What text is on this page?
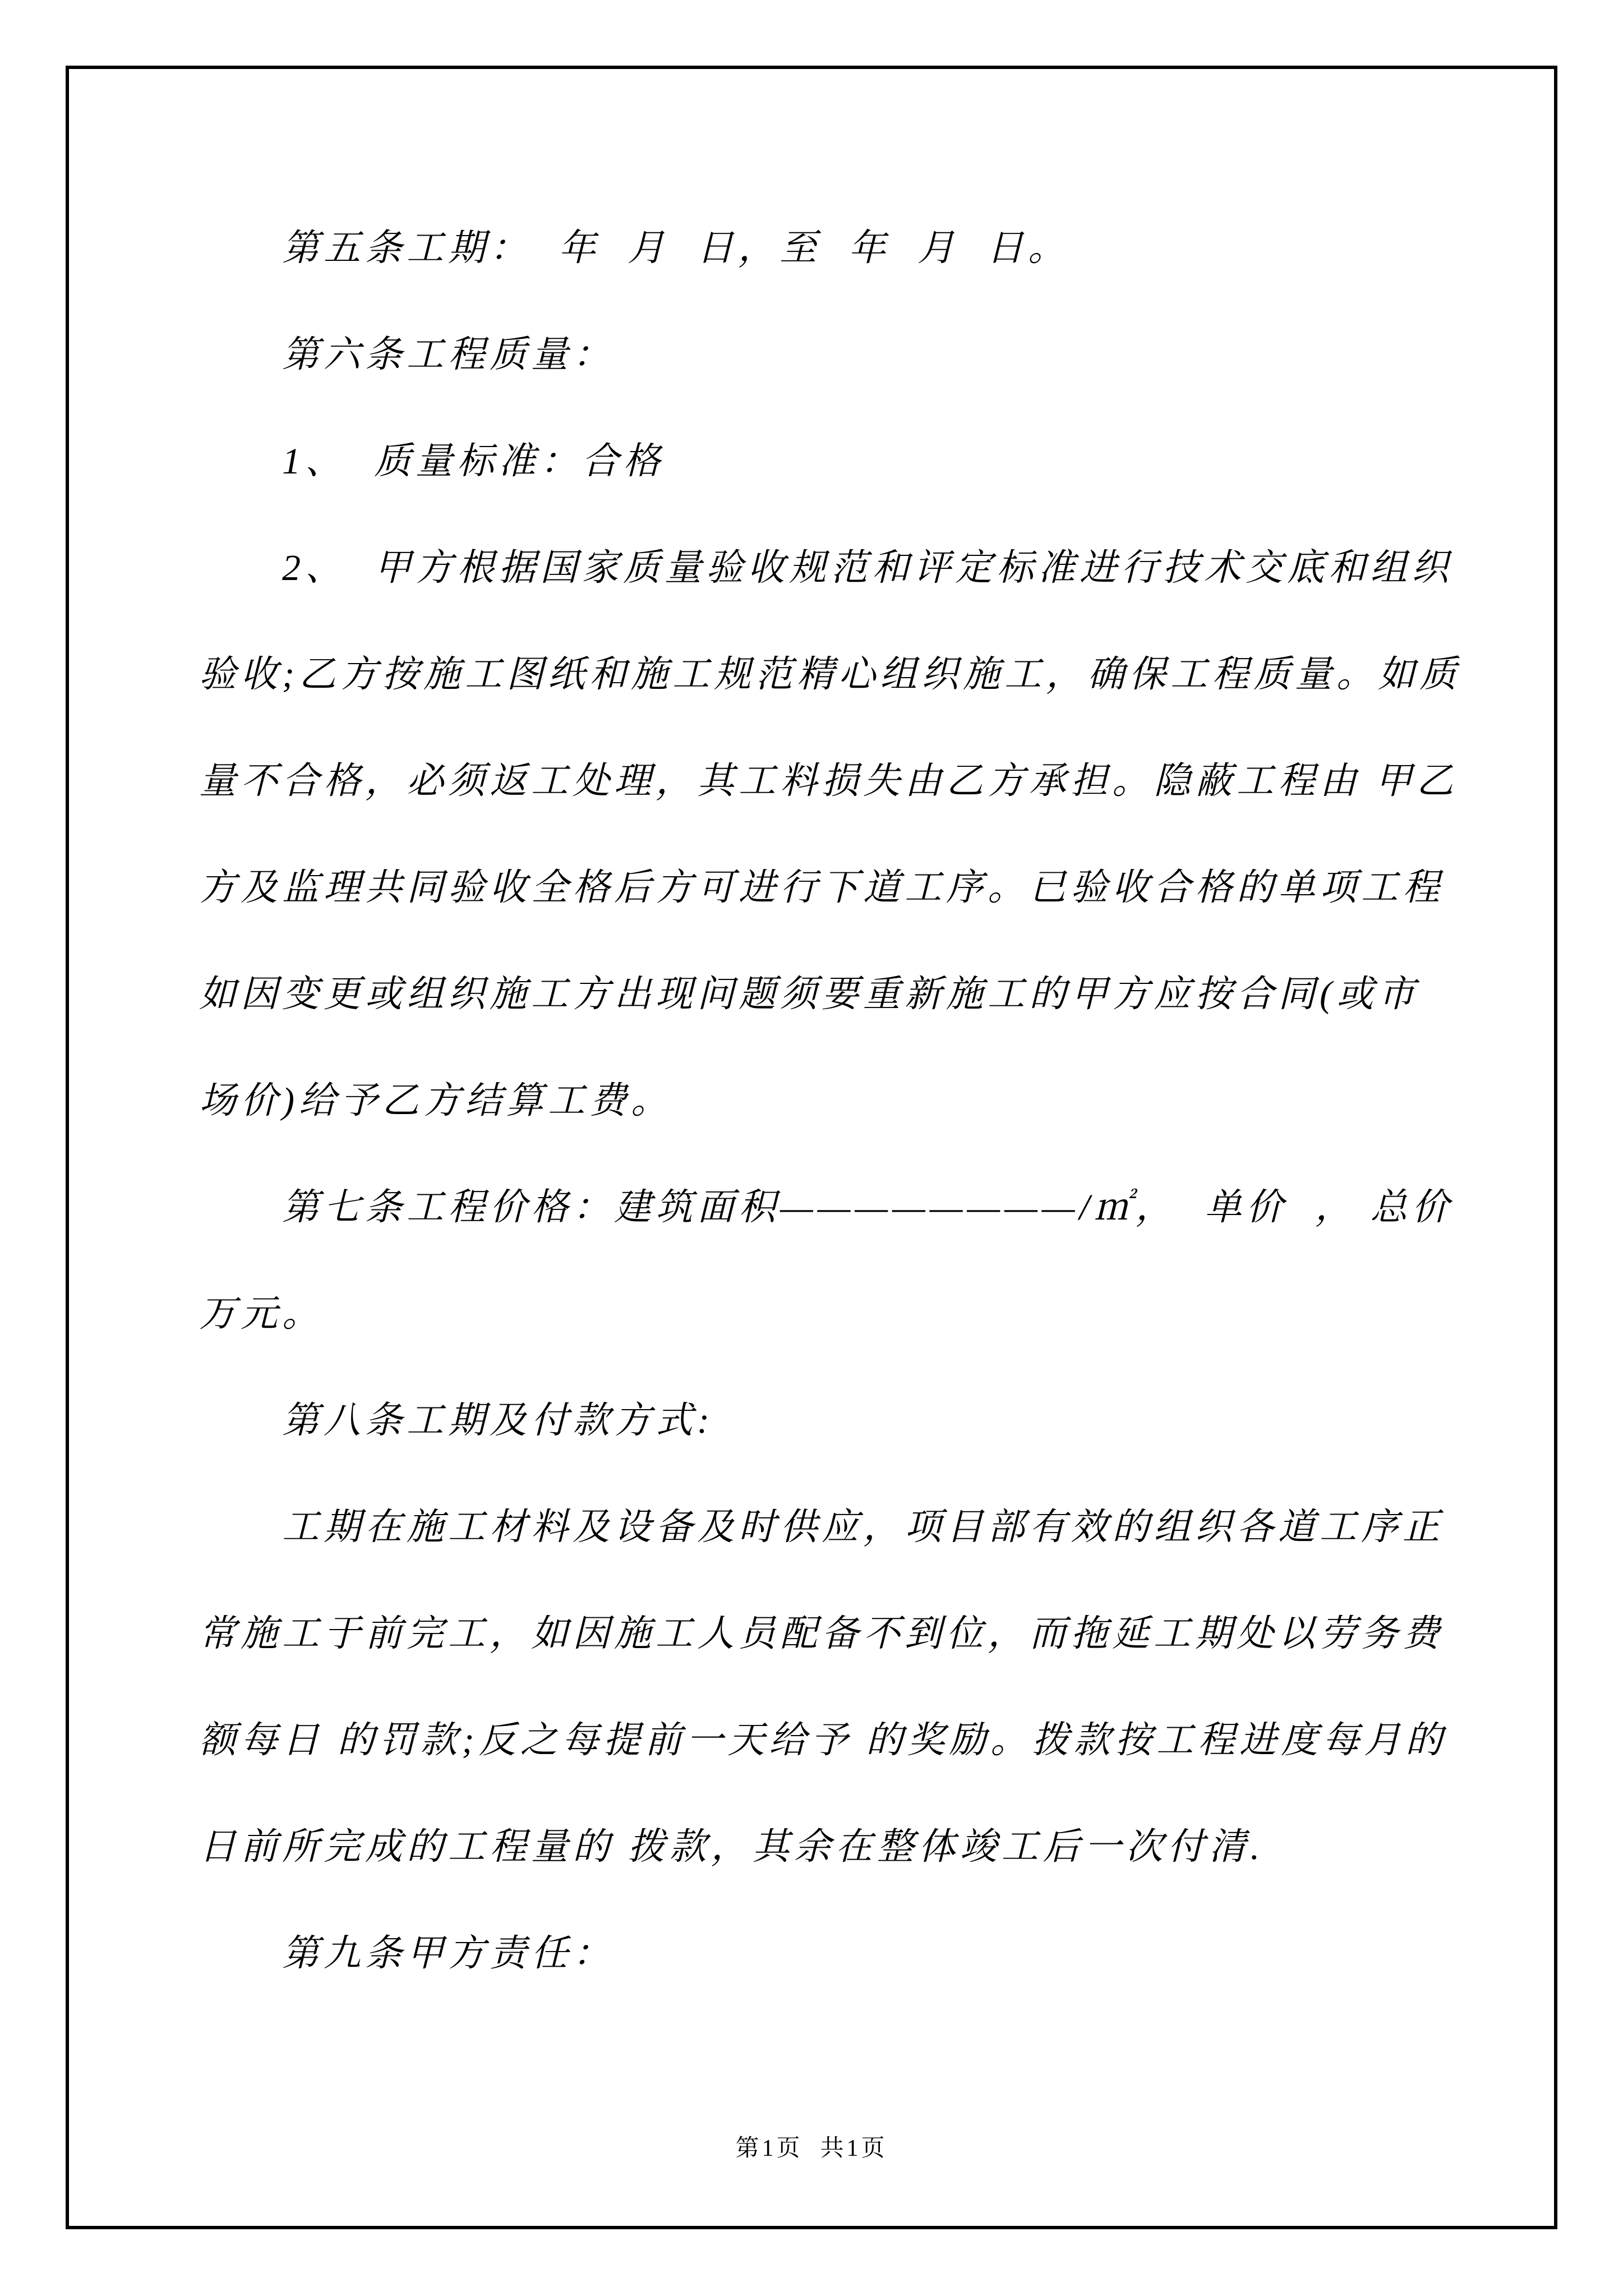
第五条工期：  年  月  日，至  年  月  日。
第六条工程质量：
1、  质量标准：合格
2、  甲方根据国家质量验收规范和评定标准进行技术交底和组织
验收;乙方按施工图纸和施工规范精心组织施工，确保工程质量。如质
量不合格，必须返工处理，其工料损失由乙方承担。隐蔽工程由 甲乙
方及监理共同验收全格后方可进行下道工序。已验收合格的单项工程
如因变更或组织施工方出现问题须要重新施工的甲方应按合同(或市
场价)给予乙方结算工费。
第七条工程价格：建筑面积————————/㎡，  单价  ， 总价
万元。
第八条工期及付款方式:
工期在施工材料及设备及时供应，项目部有效的组织各道工序正
常施工于前完工，如因施工人员配备不到位，而拖延工期处以劳务费
额每日 的罚款;反之每提前一天给予 的奖励。拨款按工程进度每月的
日前所完成的工程量的 拨款，其余在整体竣工后一次付清.
第九条甲方责任：
第1页  共1页
